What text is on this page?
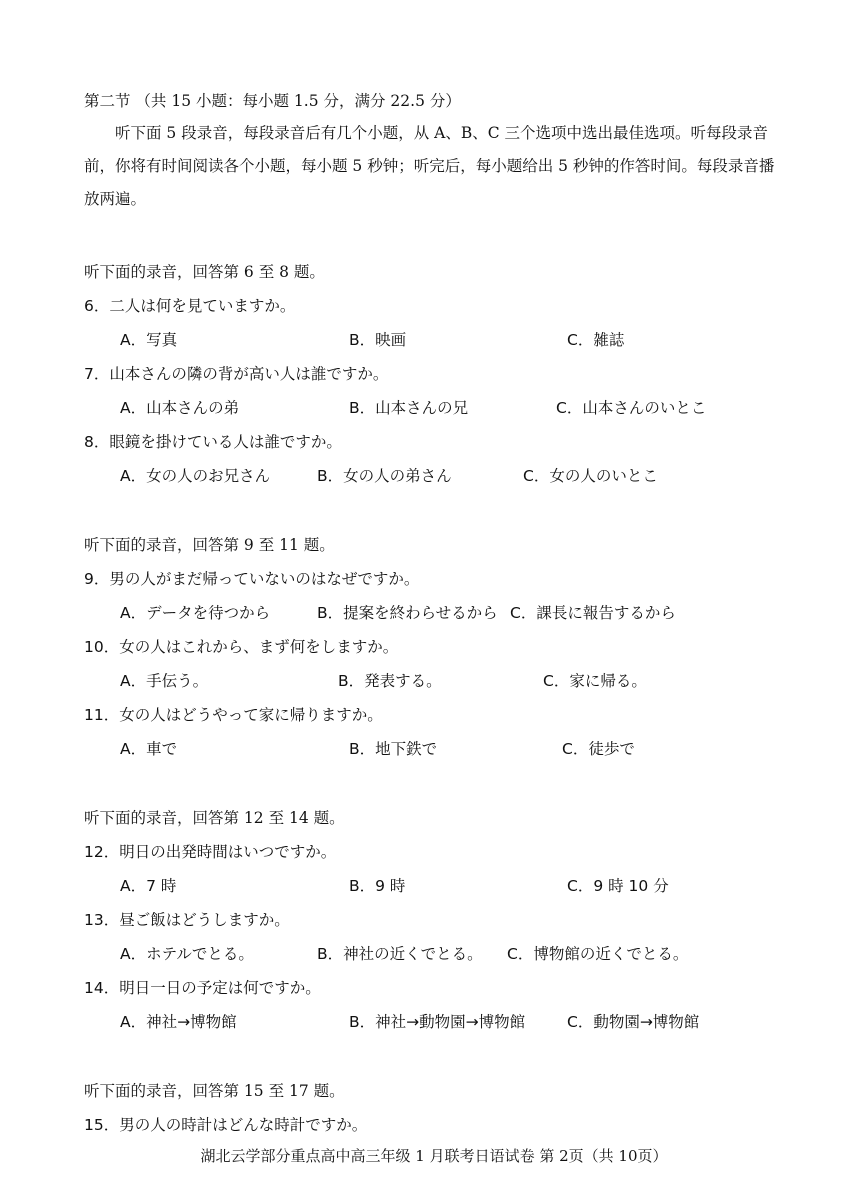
第二节 （共 15 小题：每小题 1.5 分，满分 22.5 分）
听下面 5 段录音，每段录音后有几个小题，从 A、B、C 三个选项中选出最佳选项。听每段录音前，你将有时间阅读各个小题，每小题 5 秒钟；听完后，每小题给出 5 秒钟的作答时间。每段录音播放两遍。
听下面的录音，回答第 6 至 8 题。
6．二人は何を見ていますか。
A．写真	B．映画	C．雑誌
7．山本さんの隣の背が高い人は誰ですか。
A．山本さんの弟	B．山本さんの兄	C．山本さんのいとこ
8．眼鏡を掛けている人は誰ですか。
A．女の人のお兄さん	B．女の人の弟さん	C．女の人のいとこ
听下面的录音，回答第 9 至 11 题。
9．男の人がまだ帰っていないのはなぜですか。
A．データを待つから	B．提案を終わらせるから C．課長に報告するから
10．女の人はこれから、まず何をしますか。
A．手伝う。	B．発表する。	C．家に帰る。
11．女の人はどうやって家に帰りますか。
A．車で	B．地下鉄で	C．徒歩で
听下面的录音，回答第 12 至 14 题。
12．明日の出発時間はいつですか。
A．7 時	B．9 時	C．9 時 10 分
13．昼ご飯はどうしますか。
A．ホテルでとる。	B．神社の近くでとる。 C．博物館の近くでとる。
14．明日一日の予定は何ですか。
A．神社→博物館	B．神社→動物園→博物館	C．動物園→博物館
听下面的录音，回答第 15 至 17 题。
15．男の人の時計はどんな時計ですか。
湖北云学部分重点高中高三年级 1 月联考日语试卷 第 2页（共 10页）
